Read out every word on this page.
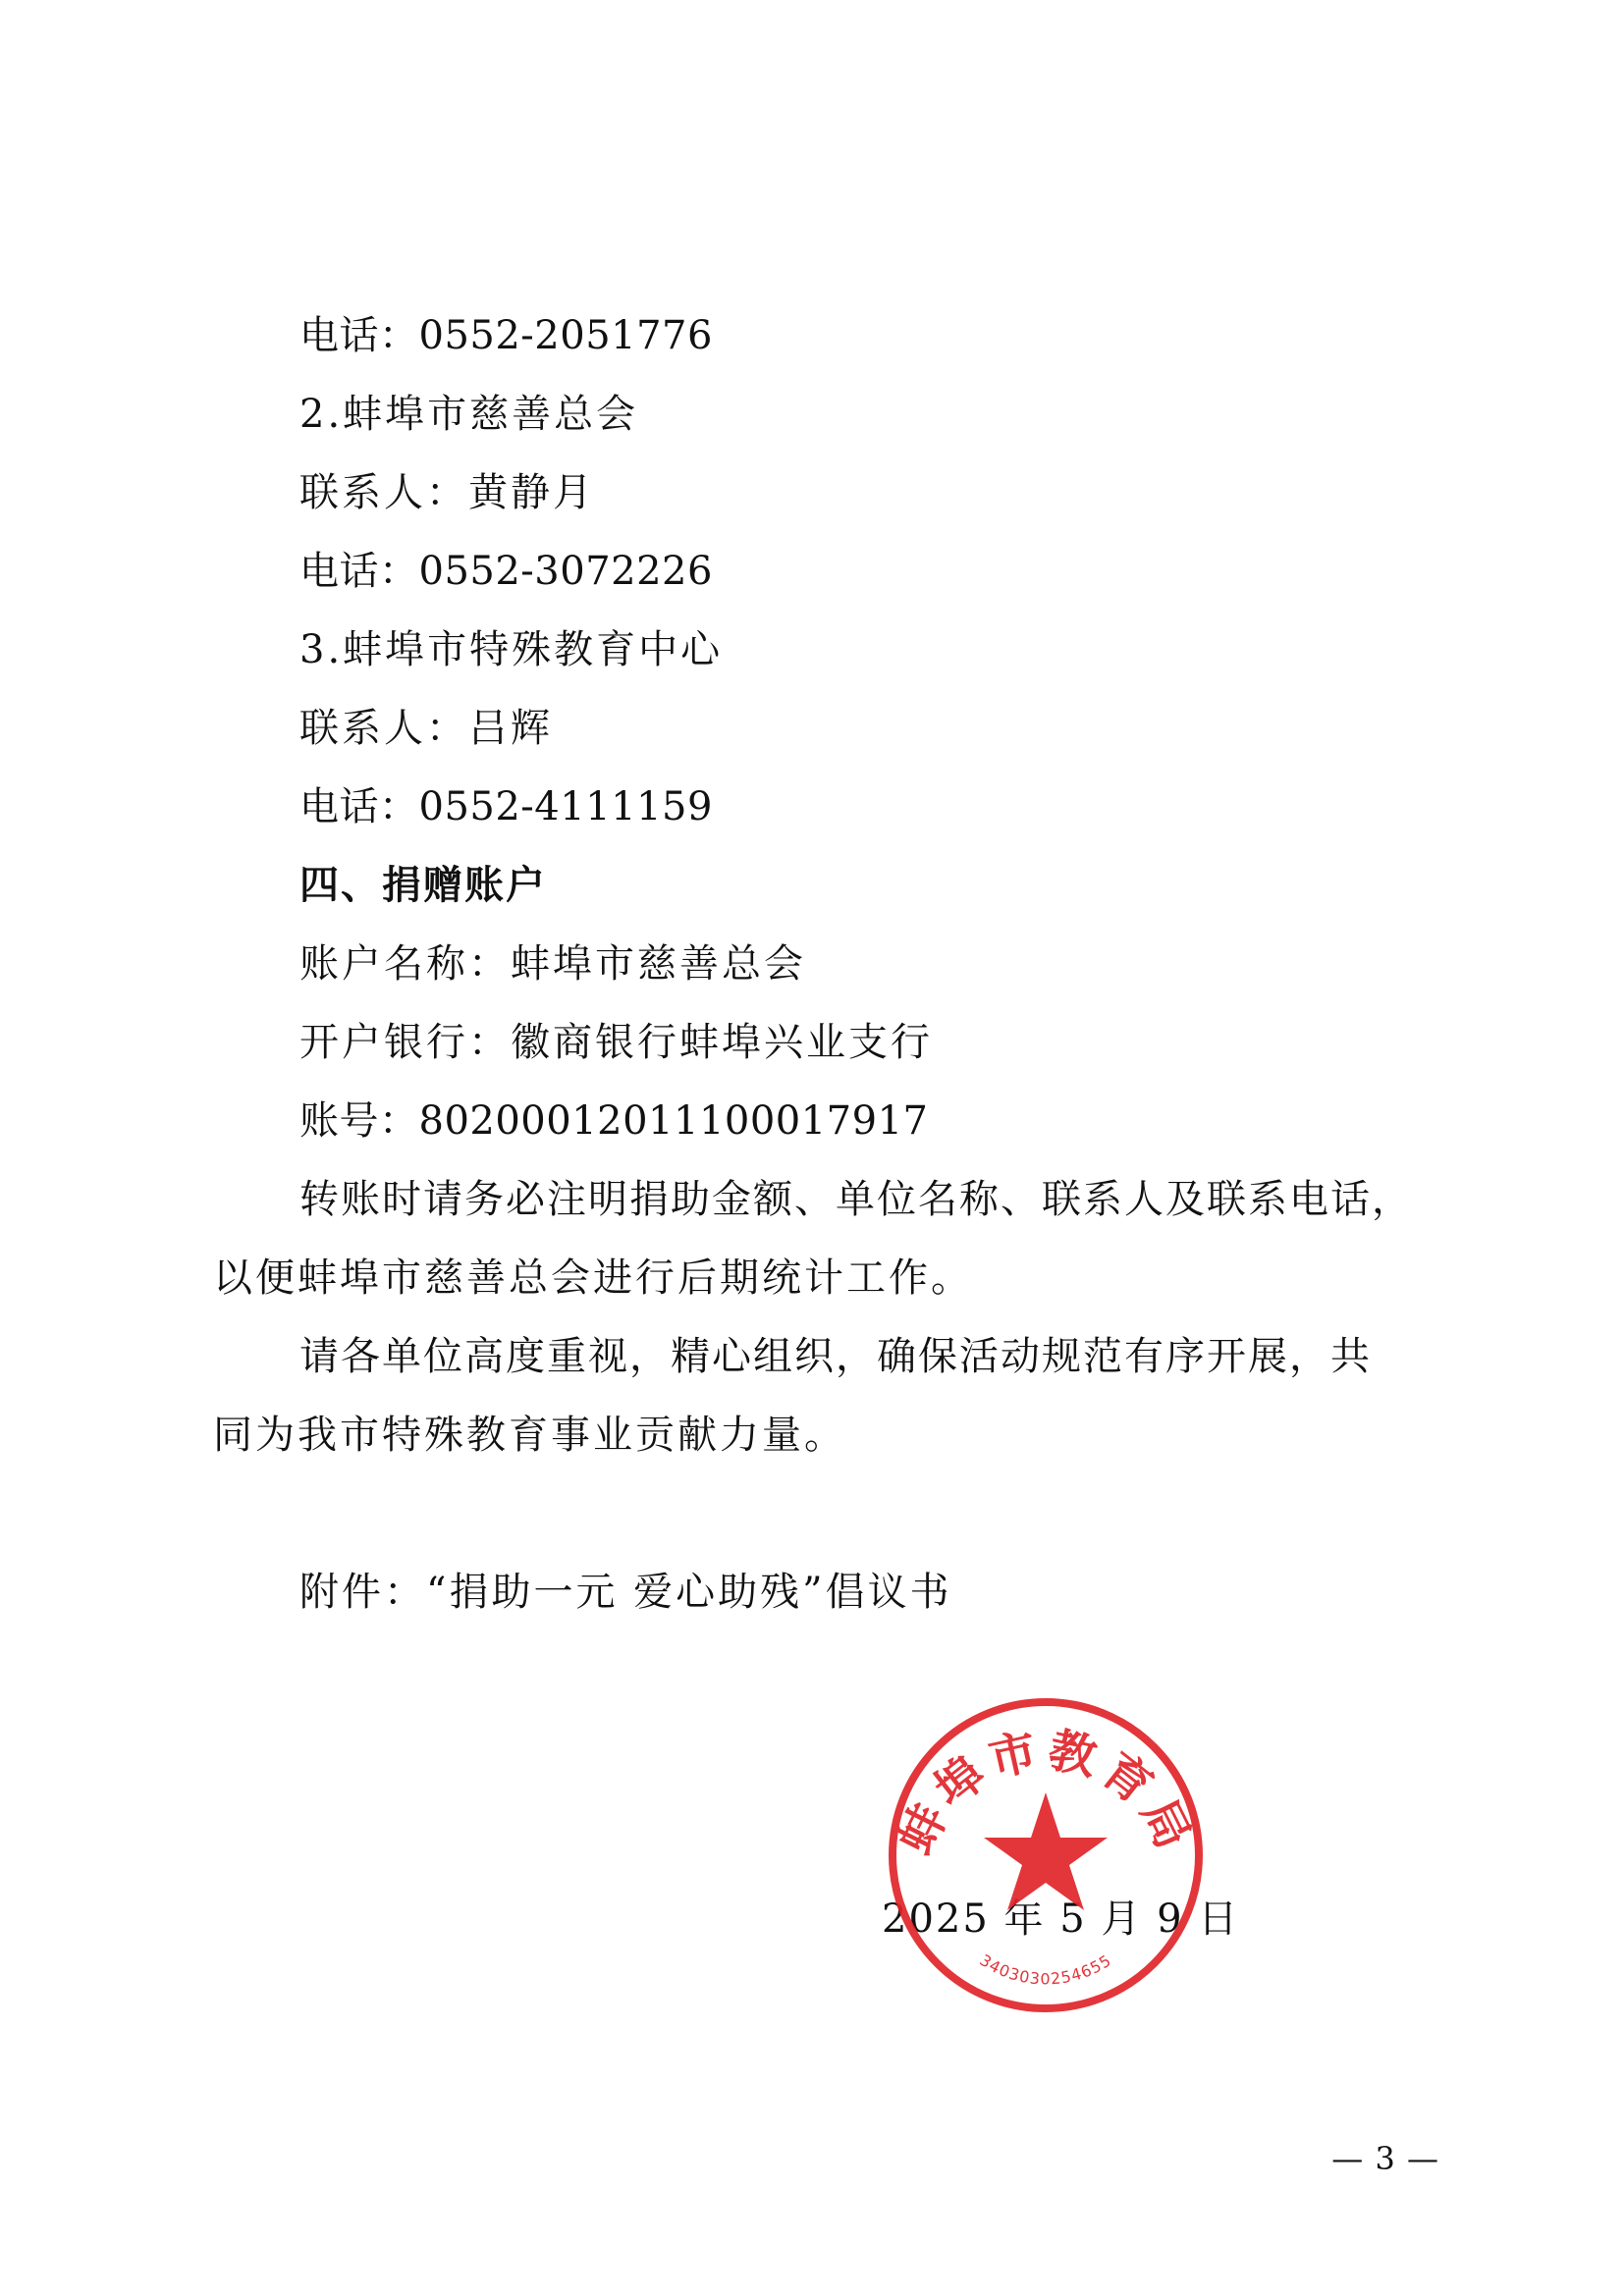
电话：0552-2051776
2.蚌埠市慈善总会
联系人：黄静月
电话：0552-3072226
3.蚌埠市特殊教育中心
联系人：吕辉
电话：0552-4111159
四、捐赠账户
账户名称：蚌埠市慈善总会
开户银行：徽商银行蚌埠兴业支行
账号：80200012011100017917
转账时请务必注明捐助金额、单位名称、联系人及联系电话，
以便蚌埠市慈善总会进行后期统计工作。
请各单位高度重视，精心组织，确保活动规范有序开展，共
同为我市特殊教育事业贡献力量。
附件：“捐助一元 爱心助残”倡议书
2025 年 5 月 9 日
蚌埠市教育局
3403030254655
— 3 —
